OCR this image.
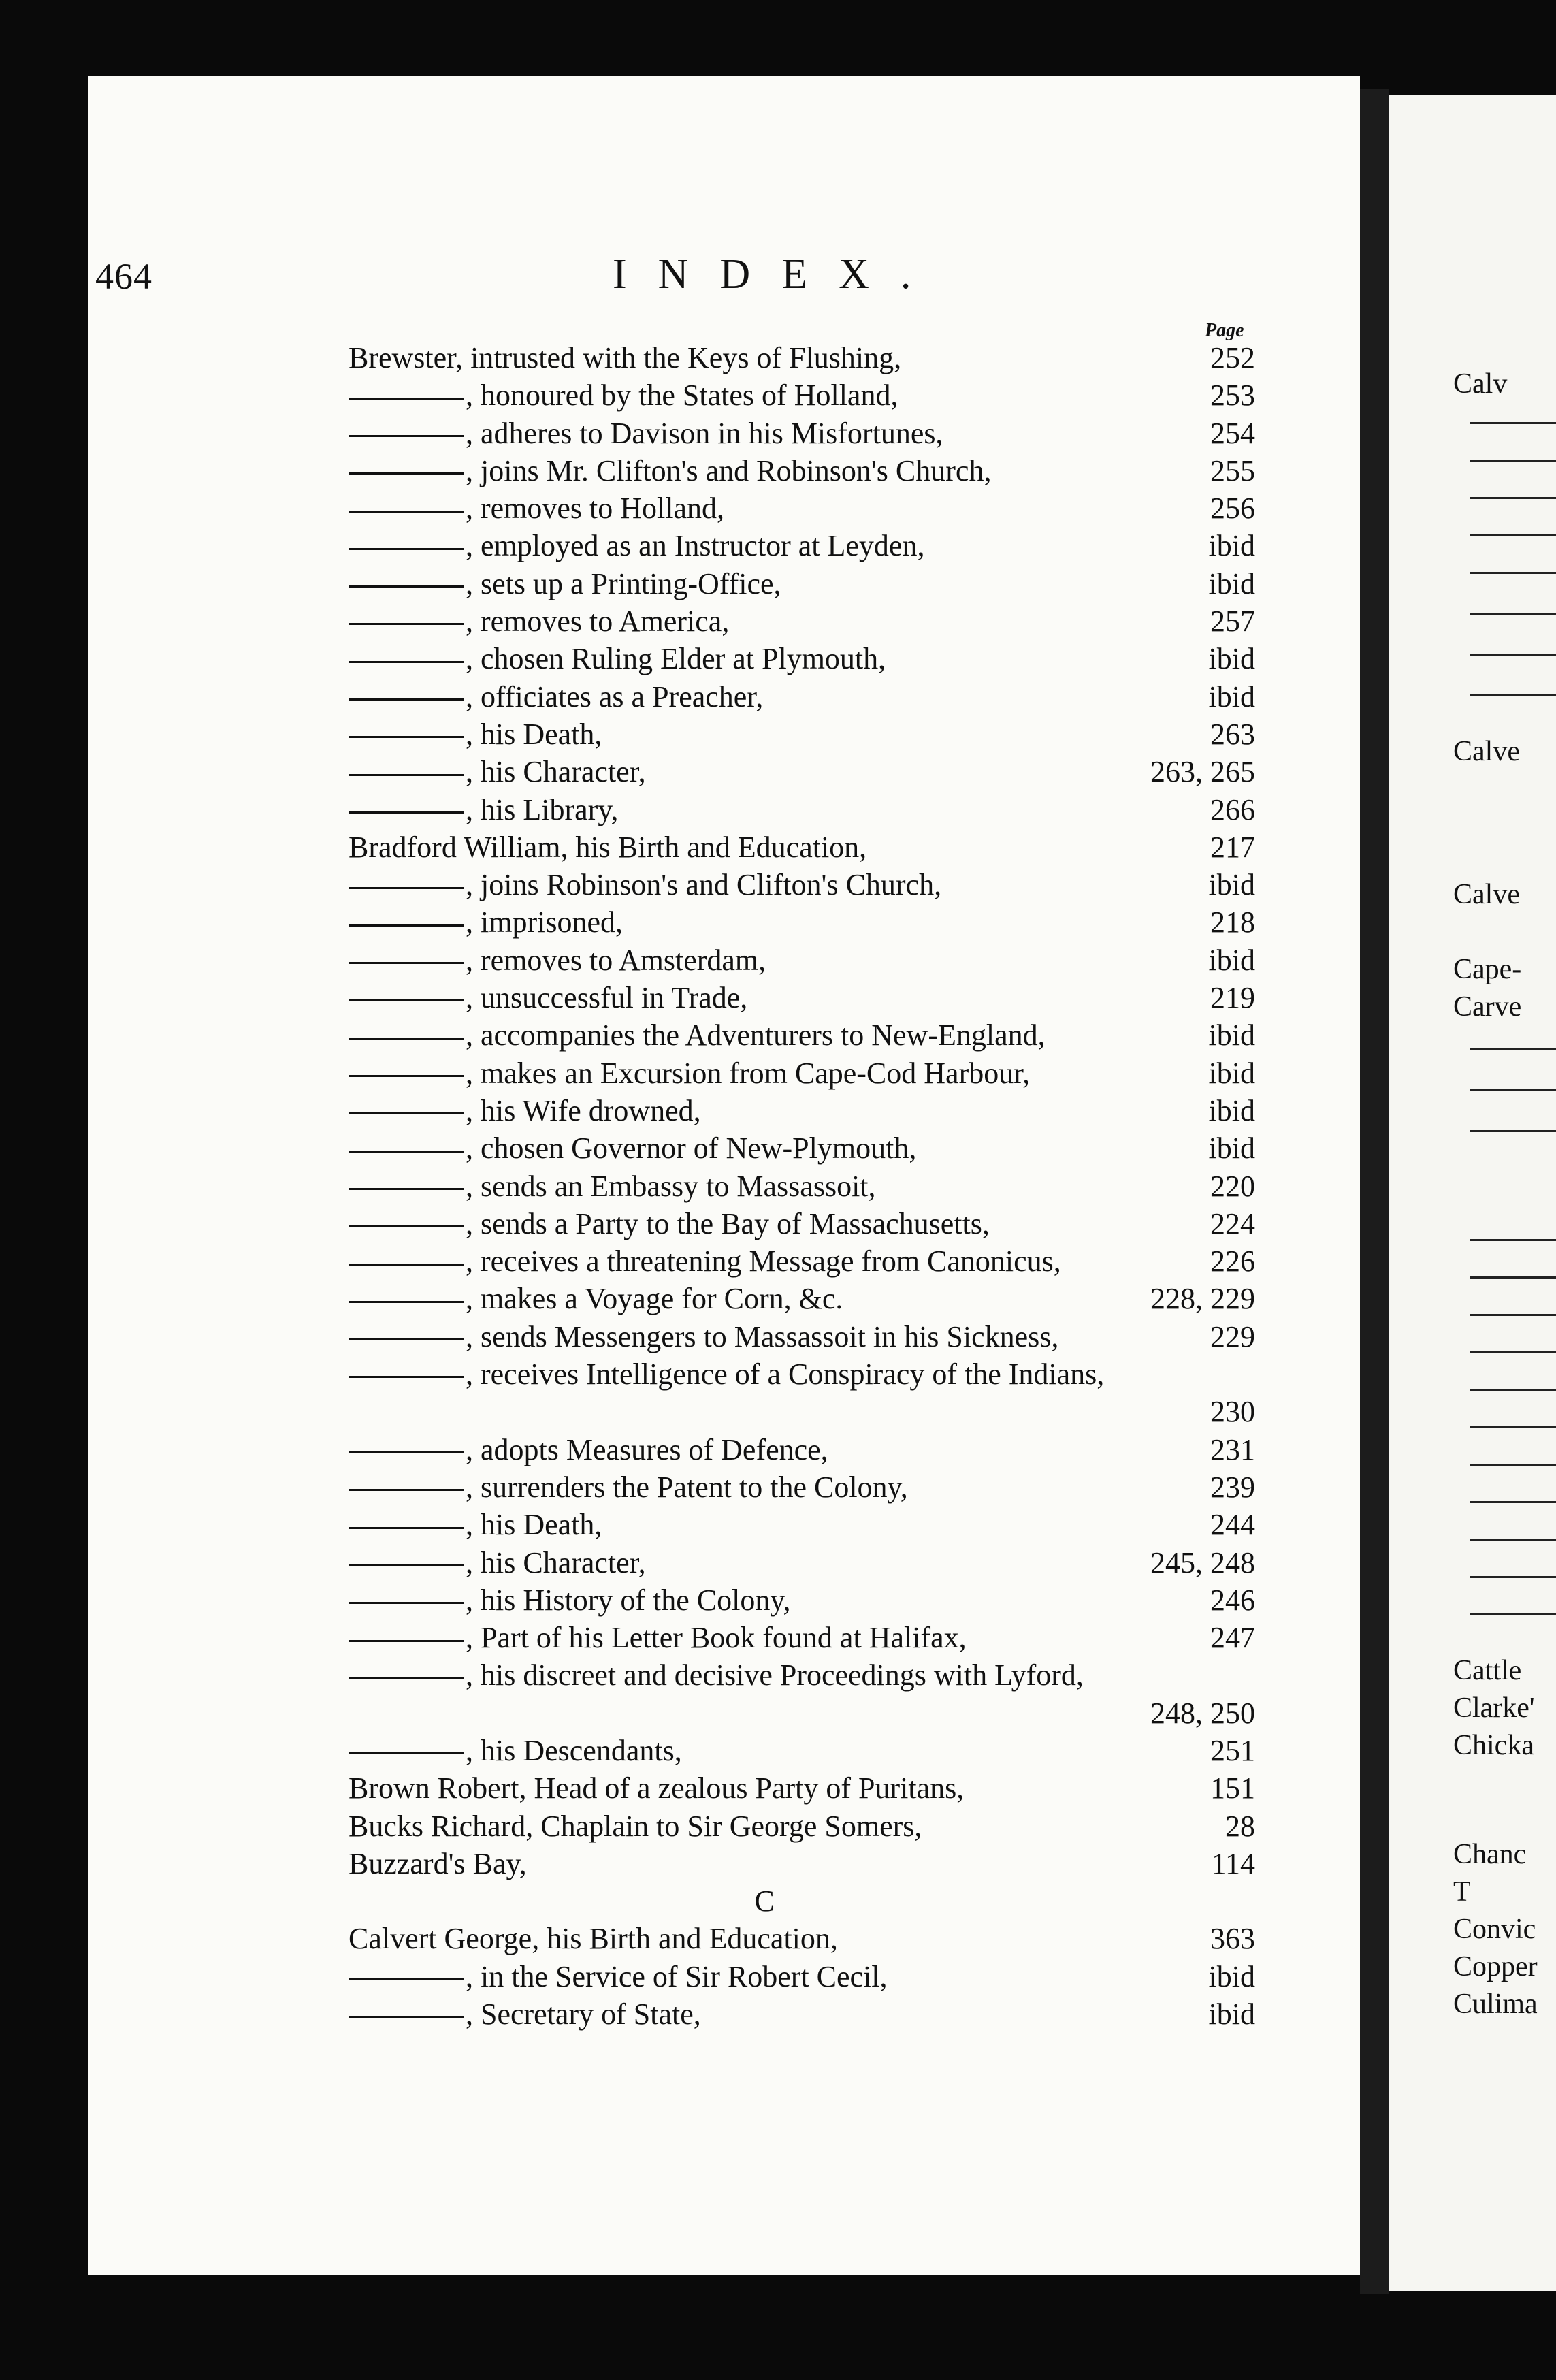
Calv
Calve
Calve
Cape-
Carve
Cattle
Clarke'
Chicka
Chanc
T
Convic
Copper
Culima
464	INDEX.
Page
Brewster, intrusted with the Keys of Flushing,	252
, honoured by the States of Holland,	253
, adheres to Davison in his Misfortunes,	254
, joins Mr. Clifton's and Robinson's Church,	255
, removes to Holland,	256
, employed as an Instructor at Leyden,	ibid
, sets up a Printing-Office,	ibid
, removes to America,	257
, chosen Ruling Elder at Plymouth,	ibid
, officiates as a Preacher,	ibid
, his Death,	263
, his Character,	263, 265
, his Library,	266
Bradford William, his Birth and Education,	217
, joins Robinson's and Clifton's Church,	ibid
, imprisoned,	218
, removes to Amsterdam,	ibid
, unsuccessful in Trade,	219
, accompanies the Adventurers to New-England,	ibid
, makes an Excursion from Cape-Cod Harbour,	ibid
, his Wife drowned,	ibid
, chosen Governor of New-Plymouth,	ibid
, sends an Embassy to Massassoit,	220
, sends a Party to the Bay of Massachusetts,	224
, receives a threatening Message from Canonicus,	226
, makes a Voyage for Corn, &c.	228, 229
, sends Messengers to Massassoit in his Sickness,	229
, receives Intelligence of a Conspiracy of the Indians,
230
, adopts Measures of Defence,	231
, surrenders the Patent to the Colony,	239
, his Death,	244
, his Character,	245, 248
, his History of the Colony,	246
, Part of his Letter Book found at Halifax,	247
, his discreet and decisive Proceedings with Lyford,
248, 250
, his Descendants,	251
Brown Robert, Head of a zealous Party of Puritans,	151
Bucks Richard, Chaplain to Sir George Somers,	28
Buzzard's Bay,	114
C
Calvert George, his Birth and Education,	363
, in the Service of Sir Robert Cecil,	ibid
, Secretary of State,	ibid
